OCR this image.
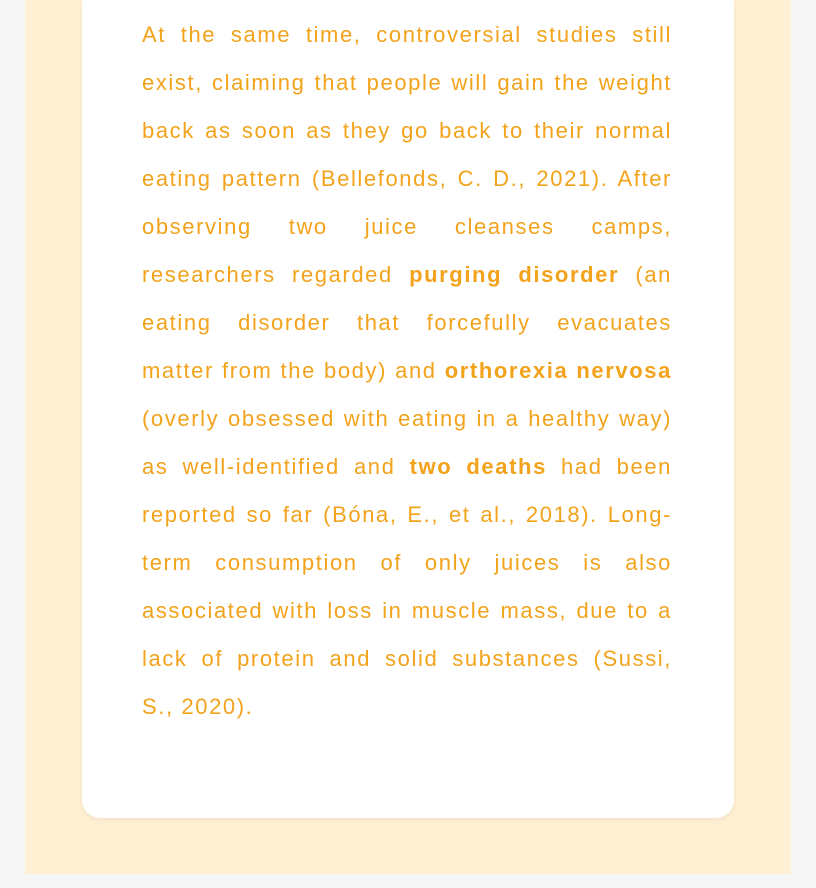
At the same time, controversial studies still exist, claiming that people will gain the weight back as soon as they go back to their normal eating pattern (Bellefonds, C. D., 2021). After observing two juice cleanses camps, researchers regarded purging disorder (an eating disorder that forcefully evacuates matter from the body) and orthorexia nervosa (overly obsessed with eating in a healthy way) as well-identified and two deaths had been reported so far (Bóna, E., et al., 2018). Long-term consumption of only juices is also associated with loss in muscle mass, due to a lack of protein and solid substances (Sussi, S., 2020).
